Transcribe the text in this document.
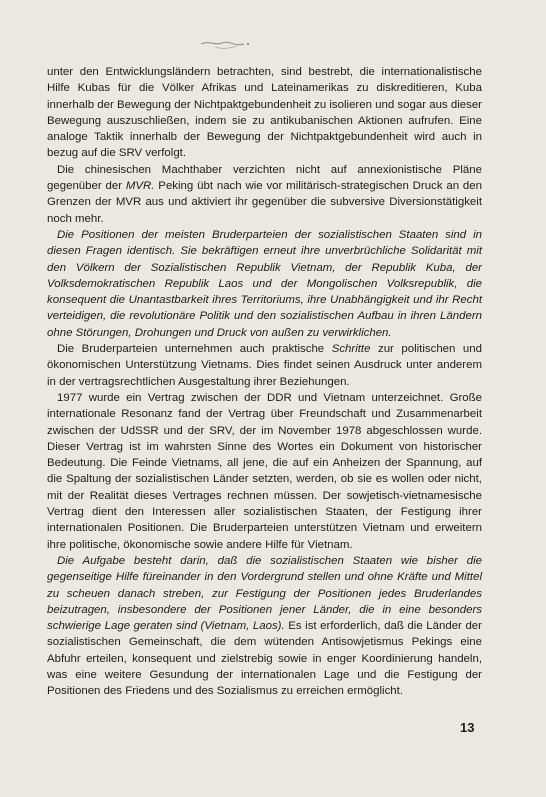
unter den Entwicklungsländern betrachten, sind bestrebt, die internationalistische Hilfe Kubas für die Völker Afrikas und Lateinamerikas zu diskreditieren, Kuba innerhalb der Bewegung der Nichtpaktgebundenheit zu isolieren und sogar aus dieser Bewegung auszuschließen, indem sie zu antikubanischen Aktionen aufrufen. Eine analoge Taktik innerhalb der Bewegung der Nichtpaktgebundenheit wird auch in bezug auf die SRV verfolgt.

Die chinesischen Machthaber verzichten nicht auf annexionistische Pläne gegenüber der MVR. Peking übt nach wie vor militärisch-strategischen Druck an den Grenzen der MVR aus und aktiviert ihr gegenüber die subversive Diversionstätigkeit noch mehr.

Die Positionen der meisten Bruderparteien der sozialistischen Staaten sind in diesen Fragen identisch. Sie bekräftigen erneut ihre unverbrüchliche Solidarität mit den Völkern der Sozialistischen Republik Vietnam, der Republik Kuba, der Volksdemokratischen Republik Laos und der Mongolischen Volksrepublik, die konsequent die Unantastbarkeit ihres Territoriums, ihre Unabhängigkeit und ihr Recht verteidigen, die revolutionäre Politik und den sozialistischen Aufbau in ihren Ländern ohne Störungen, Drohungen und Druck von außen zu verwirklichen.

Die Bruderparteien unternehmen auch praktische Schritte zur politischen und ökonomischen Unterstützung Vietnams. Dies findet seinen Ausdruck unter anderem in der vertragsrechtlichen Ausgestaltung ihrer Beziehungen.

1977 wurde ein Vertrag zwischen der DDR und Vietnam unterzeichnet. Große internationale Resonanz fand der Vertrag über Freundschaft und Zusammenarbeit zwischen der UdSSR und der SRV, der im November 1978 abgeschlossen wurde. Dieser Vertrag ist im wahrsten Sinne des Wortes ein Dokument von historischer Bedeutung. Die Feinde Vietnams, all jene, die auf ein Anheizen der Spannung, auf die Spaltung der sozialistischen Länder setzten, werden, ob sie es wollen oder nicht, mit der Realität dieses Vertrages rechnen müssen. Der sowjetisch-vietnamesische Vertrag dient den Interessen aller sozialistischen Staaten, der Festigung ihrer internationalen Positionen. Die Bruderparteien unterstützen Vietnam und erweitern ihre politische, ökonomische sowie andere Hilfe für Vietnam.

Die Aufgabe besteht darin, daß die sozialistischen Staaten wie bisher die gegenseitige Hilfe füreinander in den Vordergrund stellen und ohne Kräfte und Mittel zu scheuen danach streben, zur Festigung der Positionen jedes Bruderlandes beizutragen, insbesondere der Positionen jener Länder, die in eine besonders schwierige Lage geraten sind (Vietnam, Laos). Es ist erforderlich, daß die Länder der sozialistischen Gemeinschaft, die dem wütenden Antisowjetismus Pekings eine Abfuhr erteilen, konsequent und zielstrebig sowie in enger Koordinierung handeln, was eine weitere Gesundung der internationalen Lage und die Festigung der Positionen des Friedens und des Sozialismus zu erreichen ermöglicht.

13
